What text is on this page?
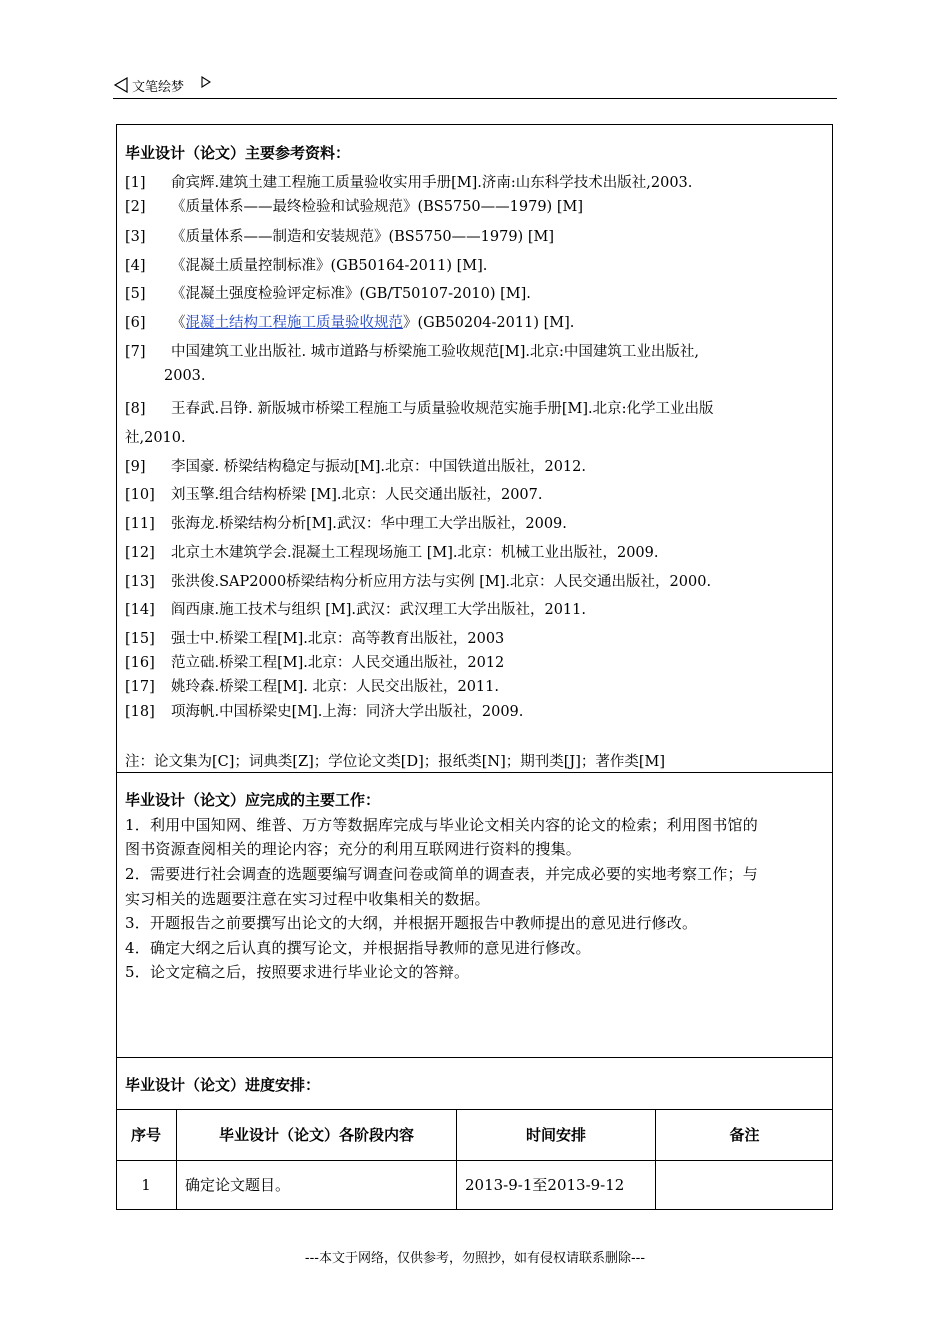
文笔绘梦
毕业设计（论文）主要参考资料：
[1] 俞宾辉.建筑土建工程施工质量验收实用手册[M].济南:山东科学技术出版社,2003.
[2] 《质量体系——最终检验和试验规范》(BS5750——1979) [M]
[3] 《质量体系——制造和安装规范》(BS5750——1979) [M]
[4] 《混凝土质量控制标准》(GB50164-2011) [M].
[5] 《混凝土强度检验评定标准》(GB/T50107-2010) [M].
[6] 《混凝土结构工程施工质量验收规范》(GB50204-2011) [M].
[7] 中国建筑工业出版社. 城市道路与桥梁施工验收规范[M].北京:中国建筑工业出版社,
2003.
[8] 王春武.吕铮. 新版城市桥梁工程施工与质量验收规范实施手册[M].北京:化学工业出版
社,2010.
[9] 李国豪. 桥梁结构稳定与振动[M].北京：中国铁道出版社，2012.
[10] 刘玉擎.组合结构桥梁 [M].北京：人民交通出版社，2007.
[11] 张海龙.桥梁结构分析[M].武汉：华中理工大学出版社，2009.
[12] 北京土木建筑学会.混凝土工程现场施工 [M].北京：机械工业出版社，2009.
[13] 张洪俊.SAP2000桥梁结构分析应用方法与实例 [M].北京：人民交通出版社，2000.
[14] 阎西康.施工技术与组织 [M].武汉：武汉理工大学出版社，2011.
[15] 强士中.桥梁工程[M].北京：高等教育出版社，2003
[16] 范立础.桥梁工程[M].北京：人民交通出版社，2012
[17] 姚玲森.桥梁工程[M]. 北京：人民交出版社，2011.
[18] 项海帆.中国桥梁史[M].上海：同济大学出版社，2009.
注：论文集为[C]；词典类[Z]；学位论文类[D]；报纸类[N]；期刊类[J]；著作类[M]
毕业设计（论文）应完成的主要工作：
1．利用中国知网、维普、万方等数据库完成与毕业论文相关内容的论文的检索；利用图书馆的
图书资源查阅相关的理论内容；充分的利用互联网进行资料的搜集。
2．需要进行社会调查的选题要编写调查问卷或简单的调查表，并完成必要的实地考察工作；与
实习相关的选题要注意在实习过程中收集相关的数据。
3．开题报告之前要撰写出论文的大纲，并根据开题报告中教师提出的意见进行修改。
4．确定大纲之后认真的撰写论文，并根据指导教师的意见进行修改。
5．论文定稿之后，按照要求进行毕业论文的答辩。
毕业设计（论文）进度安排：
序号	毕业设计（论文）各阶段内容	时间安排	备注
1	确定论文题目。	2013-9-1至2013-9-12
---本文于网络，仅供参考，勿照抄，如有侵权请联系删除---
